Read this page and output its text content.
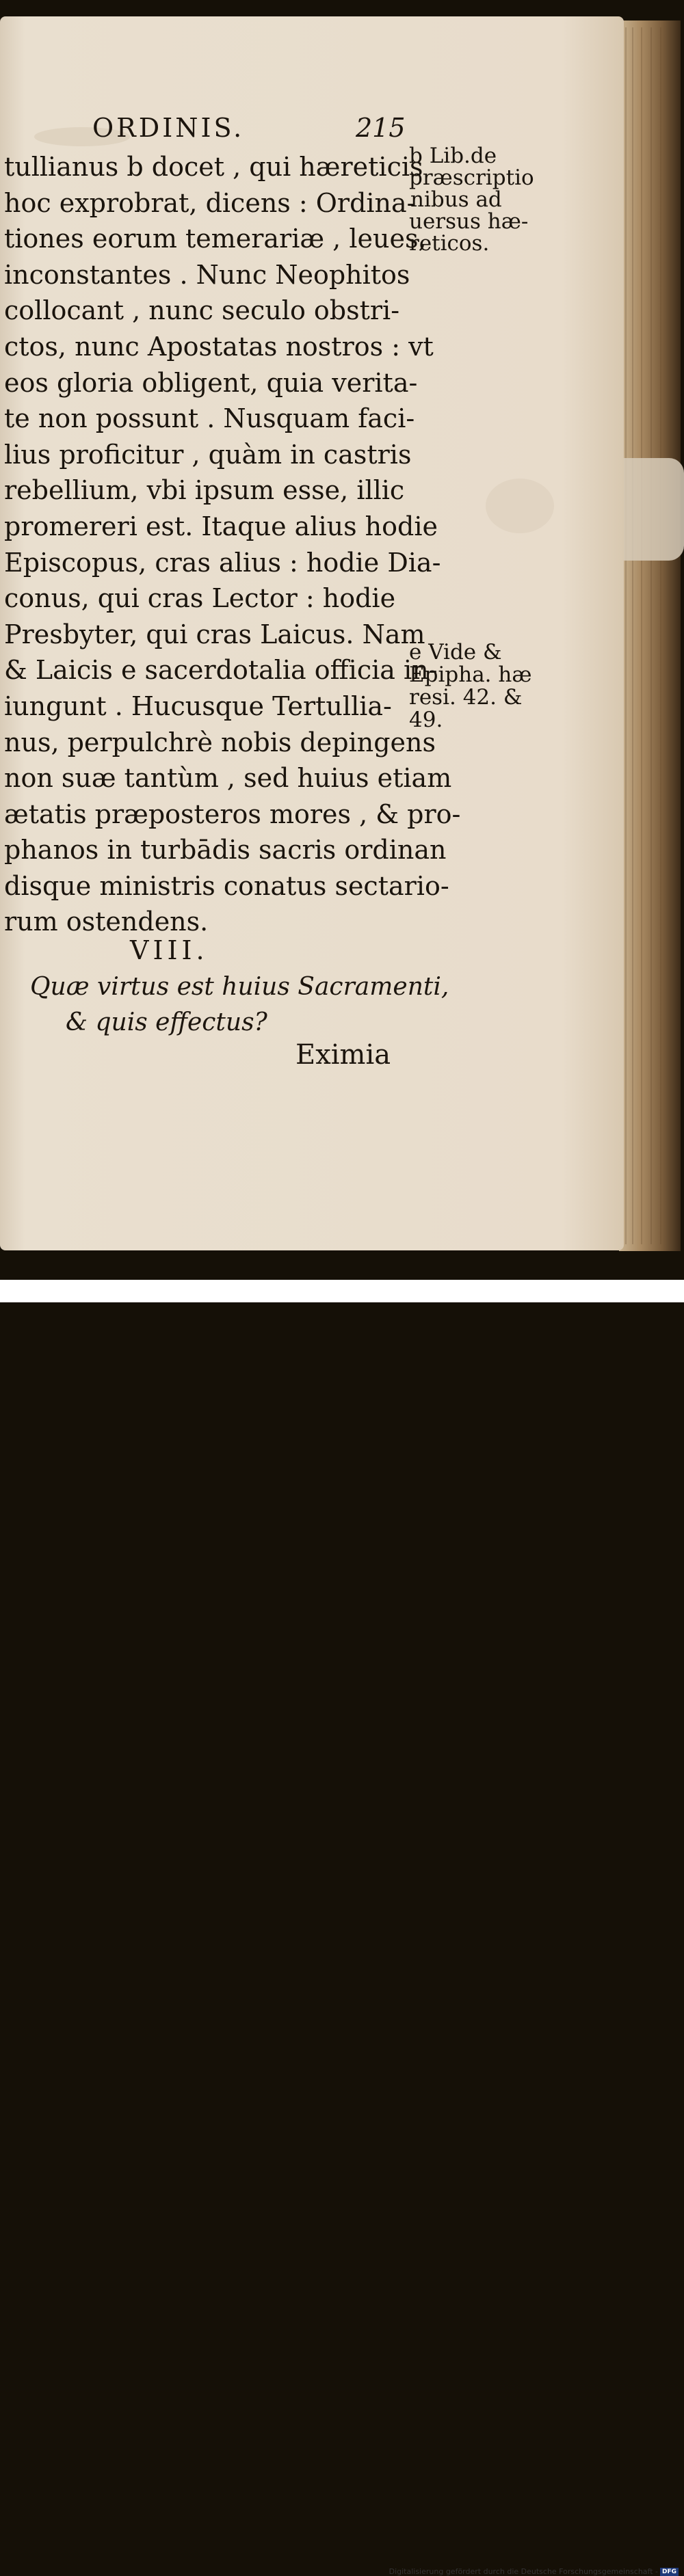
Digitalisierung gefördert durch die Deutsche Forschungsgemeinschaft - DFG
ORDINIS.	215
tullianus b docet , qui hæreticis
hoc exprobrat, dicens : Ordina-
tiones eorum temerariæ , leues,
inconstantes . Nunc Neophitos
collocant , nunc seculo obstri-
ctos, nunc Apostatas nostros : vt
eos gloria obligent, quia verita-
te non possunt . Nusquam faci-
lius proficitur , quàm in castris
rebellium, vbi ipsum esse, illic
promereri est. Itaque alius hodie
Episcopus, cras alius : hodie Dia-
conus, qui cras Lector : hodie
Presbyter, qui cras Laicus. Nam
& Laicis e sacerdotalia officia in-
iungunt . Hucusque Tertullia-
nus, perpulchrè nobis depingens
non suæ tantùm , sed huius etiam
ætatis præposteros mores , & pro-
phanos in turbādis sacris ordinan
disque ministris conatus sectario-
rum ostendens.
b Lib.de
præscriptio
nibus ad
uersus hæ-
reticos.
e Vide &
Epipha. hæ
resi. 42. &
49.
VIII.
Quæ virtus est huius Sacramenti,
& quis effectus?
Eximia
